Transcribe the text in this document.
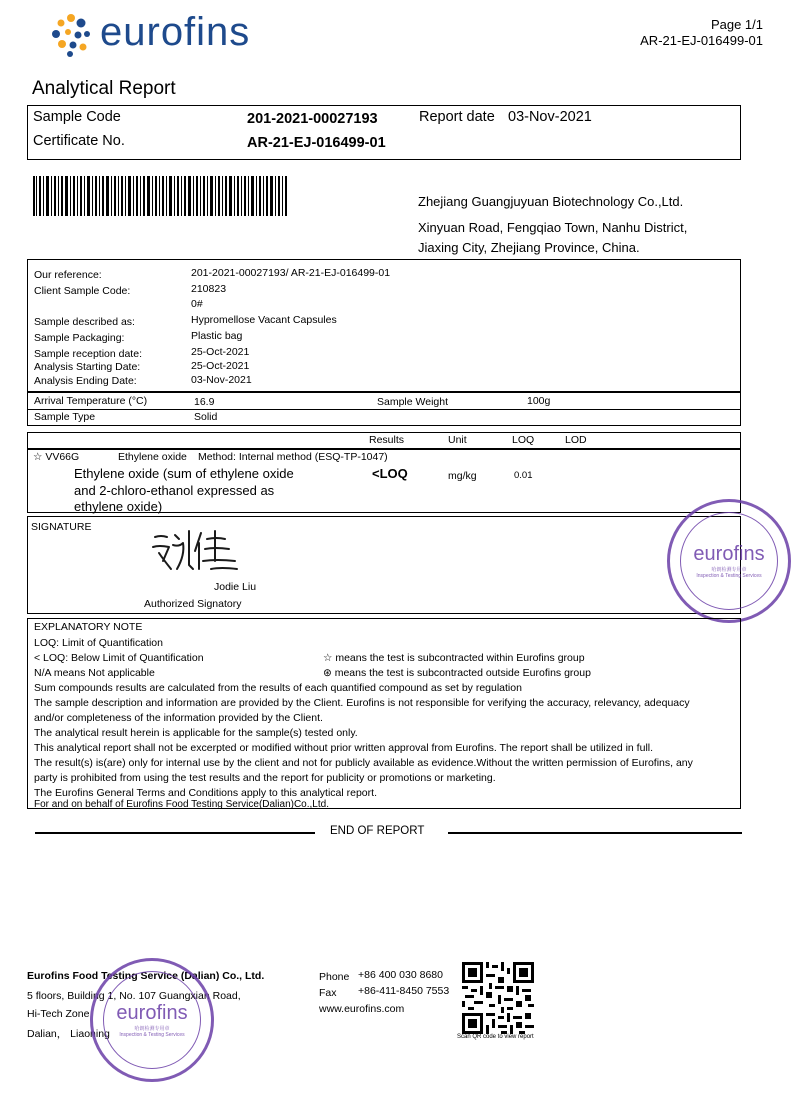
eurofins	Page 1/1
AR-21-EJ-016499-01
Analytical Report
Sample Code	201-2021-00027193	Report date 03-Nov-2021
Certificate No.	AR-21-EJ-016499-01
Zhejiang Guangjuyuan Biotechnology Co.,Ltd.
Xinyuan Road, Fengqiao Town, Nanhu District,
Jiaxing City, Zhejiang Province, China.
Our reference:	201-2021-00027193/ AR-21-EJ-016499-01
Client Sample Code:	210823
0#
Sample described as:	Hypromellose Vacant Capsules
Sample Packaging:	Plastic bag
Sample reception date:	25-Oct-2021
Analysis Starting Date:	25-Oct-2021
Analysis Ending Date:	03-Nov-2021
Arrival Temperature (°C)	16.9	Sample Weight	100g
Sample Type	Solid
Results	Unit	LOQ	LOD
☆ VV66G	Ethylene oxide Method: Internal method (ESQ-TP-1047)
Ethylene oxide (sum of ethylene oxide
and 2-chloro-ethanol expressed as
ethylene oxide)
<LOQ	mg/kg	0.01
SIGNATURE
Jodie Liu
Authorized Signatory
eurofins
哈朗检测专用章
Inspection & Testing Services
EXPLANATORY NOTE
LOQ: Limit of Quantification
< LOQ: Below Limit of Quantification	☆ means the test is subcontracted within Eurofins group
N/A means Not applicable	⊛ means the test is subcontracted outside Eurofins group
Sum compounds results are calculated from the results of each quantified compound as set by regulation
The sample description and information are provided by the Client. Eurofins is not responsible for verifying the accuracy, relevancy, adequacy
and/or completeness of the information provided by the Client.
The analytical result herein is applicable for the sample(s) tested only.
This analytical report shall not be excerpted or modified without prior written approval from Eurofins. The report shall be utilized in full.
The result(s) is(are) only for internal use by the client and not for publicly available as evidence.Without the written permission of Eurofins, any
party is prohibited from using the test results and the report for publicity or promotions or marketing.
The Eurofins General Terms and Conditions apply to this analytical report.
For and on behalf of Eurofins Food Testing Service(Dalian)Co.,Ltd.
END OF REPORT
Eurofins Food Testing Service (Dalian) Co., Ltd.
5 floors, Building 1, No. 107 Guangxian Road,
Hi-Tech Zone
Dalian， Liaoning
Phone +86 400 030 8680
Fax +86-411-8450 7553
www.eurofins.com
Scan QR code to view report
eurofins
哈朗检测专用章
Inspection & Testing Services
